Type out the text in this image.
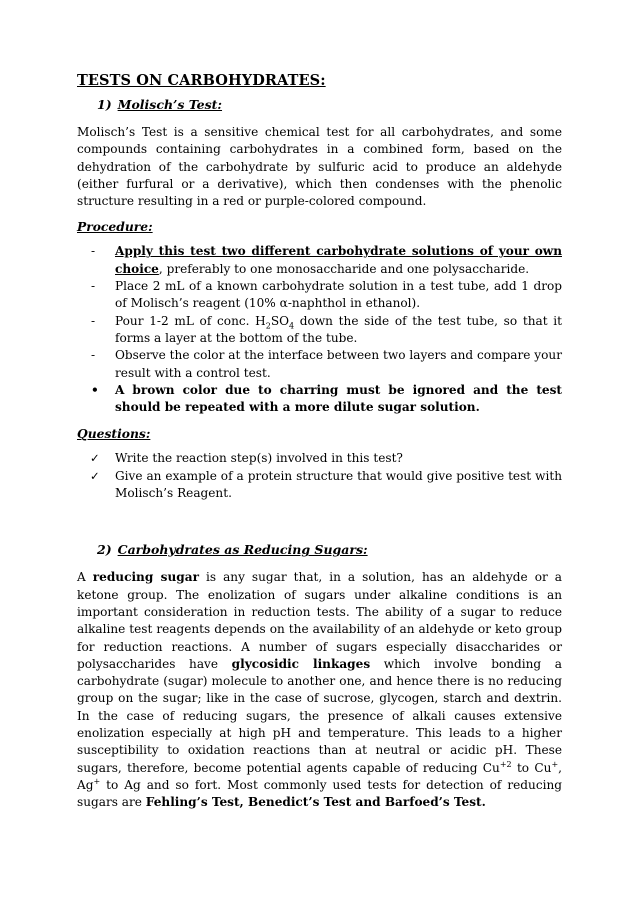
TESTS ON CARBOHYDRATES:
1) Molisch’s Test:

Molisch’s Test is a sensitive chemical test for all carbohydrates, and some compounds containing carbohydrates in a combined form, based on the dehydration of the carbohydrate by sulfuric acid to produce an aldehyde (either furfural or a derivative), which then condenses with the phenolic structure resulting in a red or purple-colored compound.

Procedure:
- Apply this test two different carbohydrate solutions of your own choice, preferably to one monosaccharide and one polysaccharide.
- Place 2 mL of a known carbohydrate solution in a test tube, add 1 drop of Molisch’s reagent (10% α-naphthol in ethanol).
- Pour 1-2 mL of conc. $H_2SO_4$ down the side of the test tube, so that it forms a layer at the bottom of the tube.
- Observe the color at the interface between two layers and compare your result with a control test.
• A brown color due to charring must be ignored and the test should be repeated with a more dilute sugar solution.
Questions:
✓ Write the reaction step(s) involved in this test?
✓ Give an example of a protein structure that would give positive test with Molisch’s Reagent.
2) Carbohydrates as Reducing Sugars:

A reducing sugar is any sugar that, in a solution, has an aldehyde or a ketone group. The enolization of sugars under alkaline conditions is an important consideration in reduction tests. The ability of a sugar to reduce alkaline test reagents depends on the availability of an aldehyde or keto group for reduction reactions. A number of sugars especially disaccharides or polysaccharides have glycosidic linkages which involve bonding a carbohydrate (sugar) molecule to another one, and hence there is no reducing group on the sugar; like in the case of sucrose, glycogen, starch and dextrin. In the case of reducing sugars, the presence of alkali causes extensive enolization especially at high pH and temperature. This leads to a higher susceptibility to oxidation reactions than at neutral or acidic pH. These sugars, therefore, become potential agents capable of reducing $Cu^{+2}$ to Cu+, Ag+ to Ag and so fort. Most commonly used tests for detection of reducing sugars are Fehling’s Test, Benedict’s Test and Barfoed’s Test.
